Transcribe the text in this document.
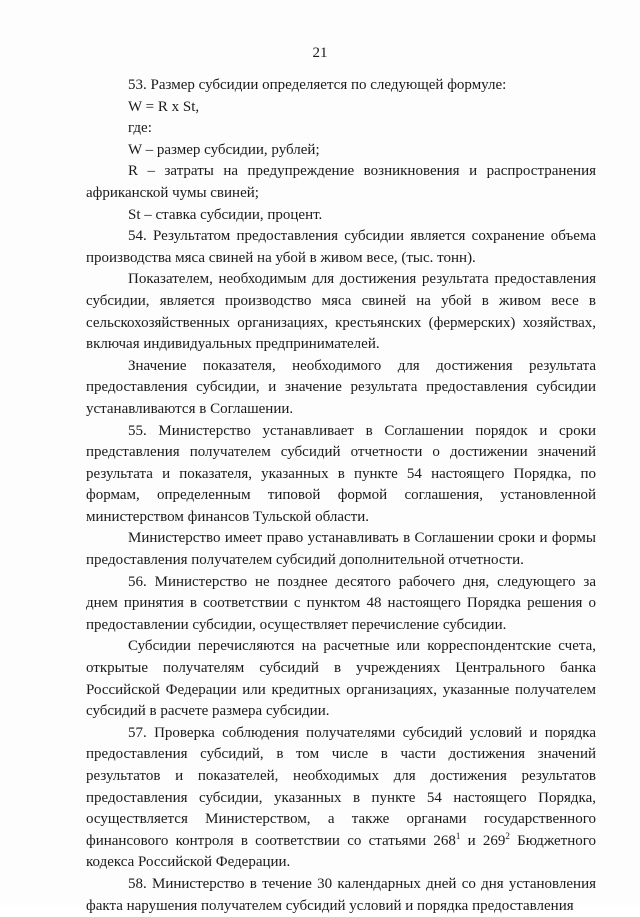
21

53. Размер субсидии определяется по следующей формуле:

W = R x St,

где:

W – размер субсидии, рублей;

R – затраты на предупреждение возникновения и распространения африканской чумы свиней;

St – ставка субсидии, процент.

54. Результатом предоставления субсидии является сохранение объема производства мяса свиней на убой в живом весе, (тыс. тонн).

Показателем, необходимым для достижения результата предоставления субсидии, является производство мяса свиней на убой в живом весе в сельскохозяйственных организациях, крестьянских (фермерских) хозяйствах, включая индивидуальных предпринимателей.

Значение показателя, необходимого для достижения результата предоставления субсидии, и значение результата предоставления субсидии устанавливаются в Соглашении.

55. Министерство устанавливает в Соглашении порядок и сроки представления получателем субсидий отчетности о достижении значений результата и показателя, указанных в пункте 54 настоящего Порядка, по формам, определенным типовой формой соглашения, установленной министерством финансов Тульской области.

Министерство имеет право устанавливать в Соглашении сроки и формы предоставления получателем субсидий дополнительной отчетности.

56. Министерство не позднее десятого рабочего дня, следующего за днем принятия в соответствии с пунктом 48 настоящего Порядка решения о предоставлении субсидии, осуществляет перечисление субсидии.

Субсидии перечисляются на расчетные или корреспондентские счета, открытые получателям субсидий в учреждениях Центрального банка Российской Федерации или кредитных организациях, указанные получателем субсидий в расчете размера субсидии.

57. Проверка соблюдения получателями субсидий условий и порядка предоставления субсидий, в том числе в части достижения значений результатов и показателей, необходимых для достижения результатов предоставления субсидии, указанных в пункте 54 настоящего Порядка, осуществляется Министерством, а также органами государственного финансового контроля в соответствии со статьями $268^1$ и $269^2$ Бюджетного кодекса Российской Федерации.

58. Министерство в течение 30 календарных дней со дня установления факта нарушения получателем субсидий условий и порядка предоставления
